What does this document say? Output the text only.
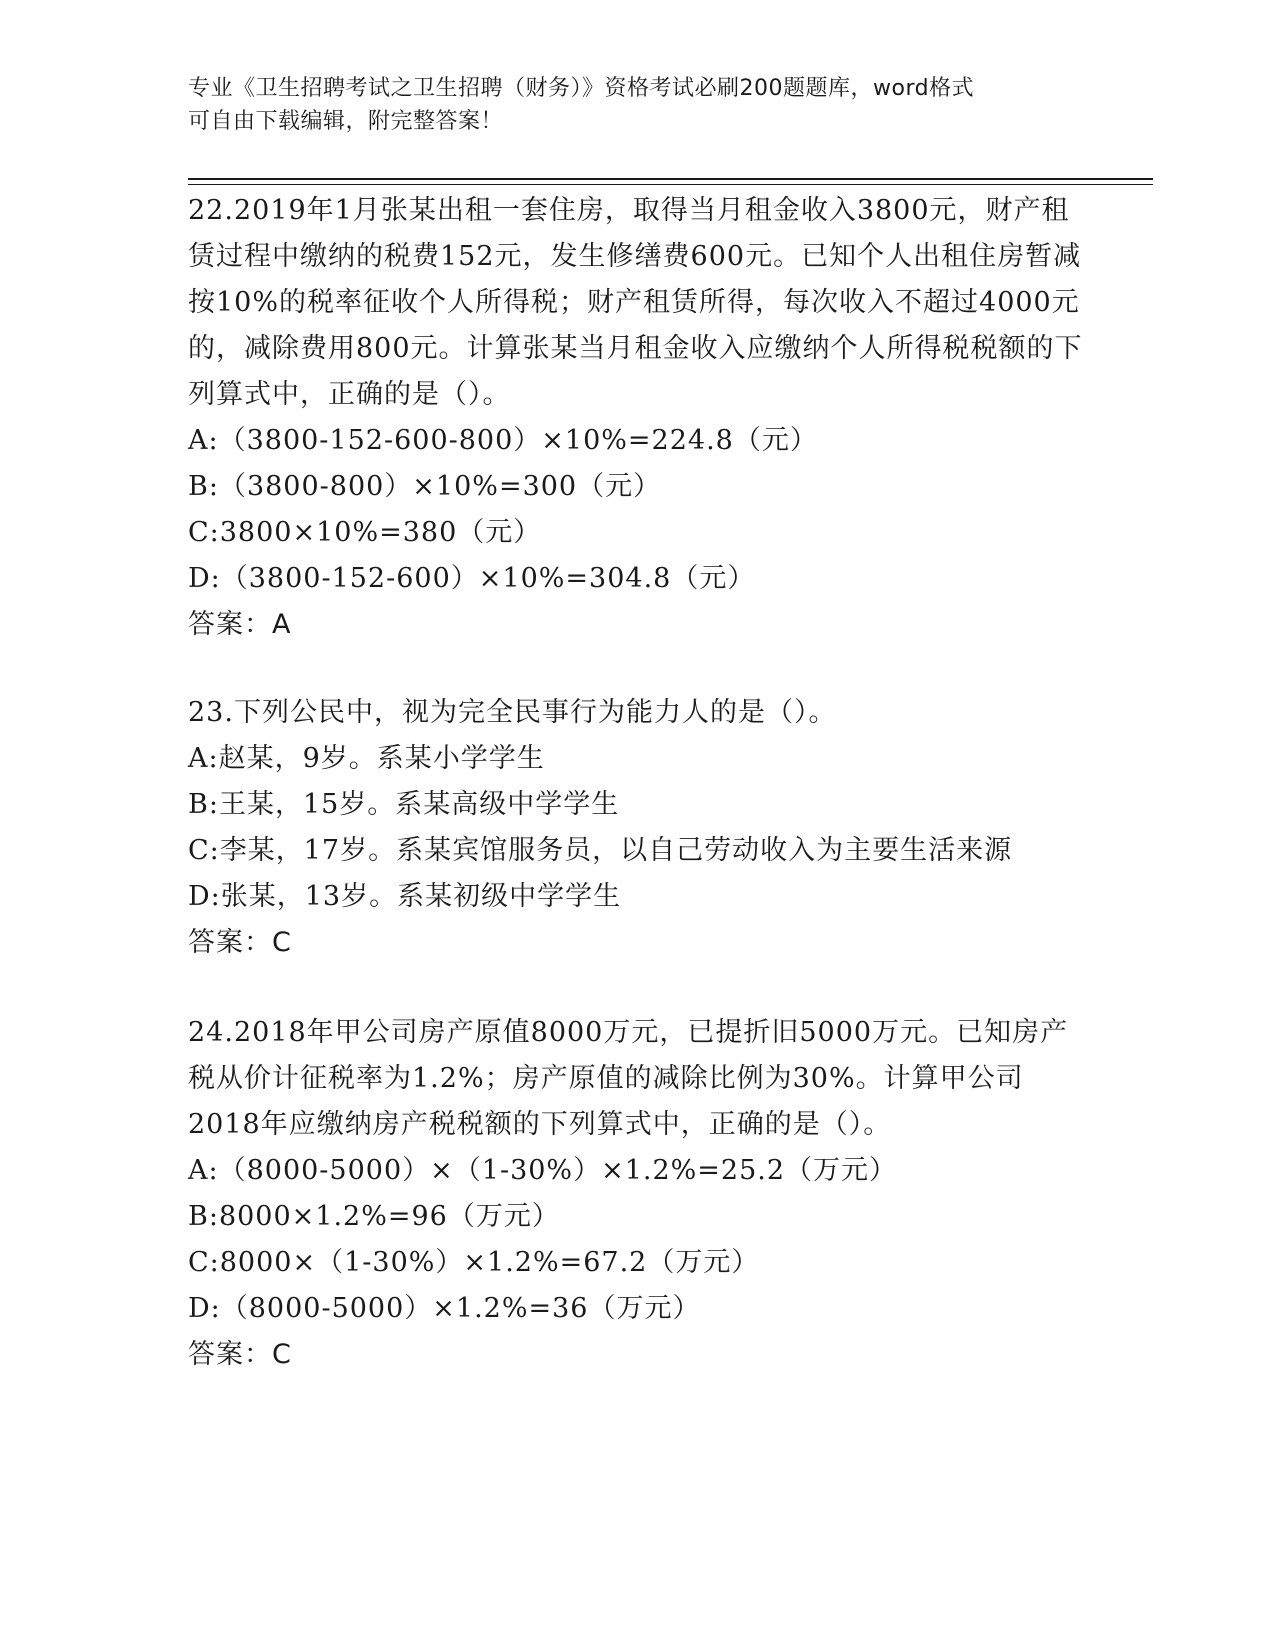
专业《卫生招聘考试之卫生招聘（财务）》资格考试必刷200题题库，word格式
可自由下载编辑，附完整答案！
22.2019年1月张某出租一套住房，取得当月租金收入3800元，财产租赁过程中缴纳的税费152元，发生修缮费600元。已知个人出租住房暂减按10%的税率征收个人所得税；财产租赁所得，每次收入不超过4000元的，减除费用800元。计算张某当月租金收入应缴纳个人所得税税额的下列算式中，正确的是（）。
A:（3800-152-600-800）×10%=224.8（元）
B:（3800-800）×10%=300（元）
C:3800×10%=380（元）
D:（3800-152-600）×10%=304.8（元）
答案：A
23.下列公民中，视为完全民事行为能力人的是（）。
A:赵某，9岁。系某小学学生
B:王某，15岁。系某高级中学学生
C:李某，17岁。系某宾馆服务员，以自己劳动收入为主要生活来源
D:张某，13岁。系某初级中学学生
答案：C
24.2018年甲公司房产原值8000万元，已提折旧5000万元。已知房产税从价计征税率为1.2%；房产原值的减除比例为30%。计算甲公司2018年应缴纳房产税税额的下列算式中，正确的是（）。
A:（8000-5000）×（1-30%）×1.2%=25.2（万元）
B:8000×1.2%=96（万元）
C:8000×（1-30%）×1.2%=67.2（万元）
D:（8000-5000）×1.2%=36（万元）
答案：C
